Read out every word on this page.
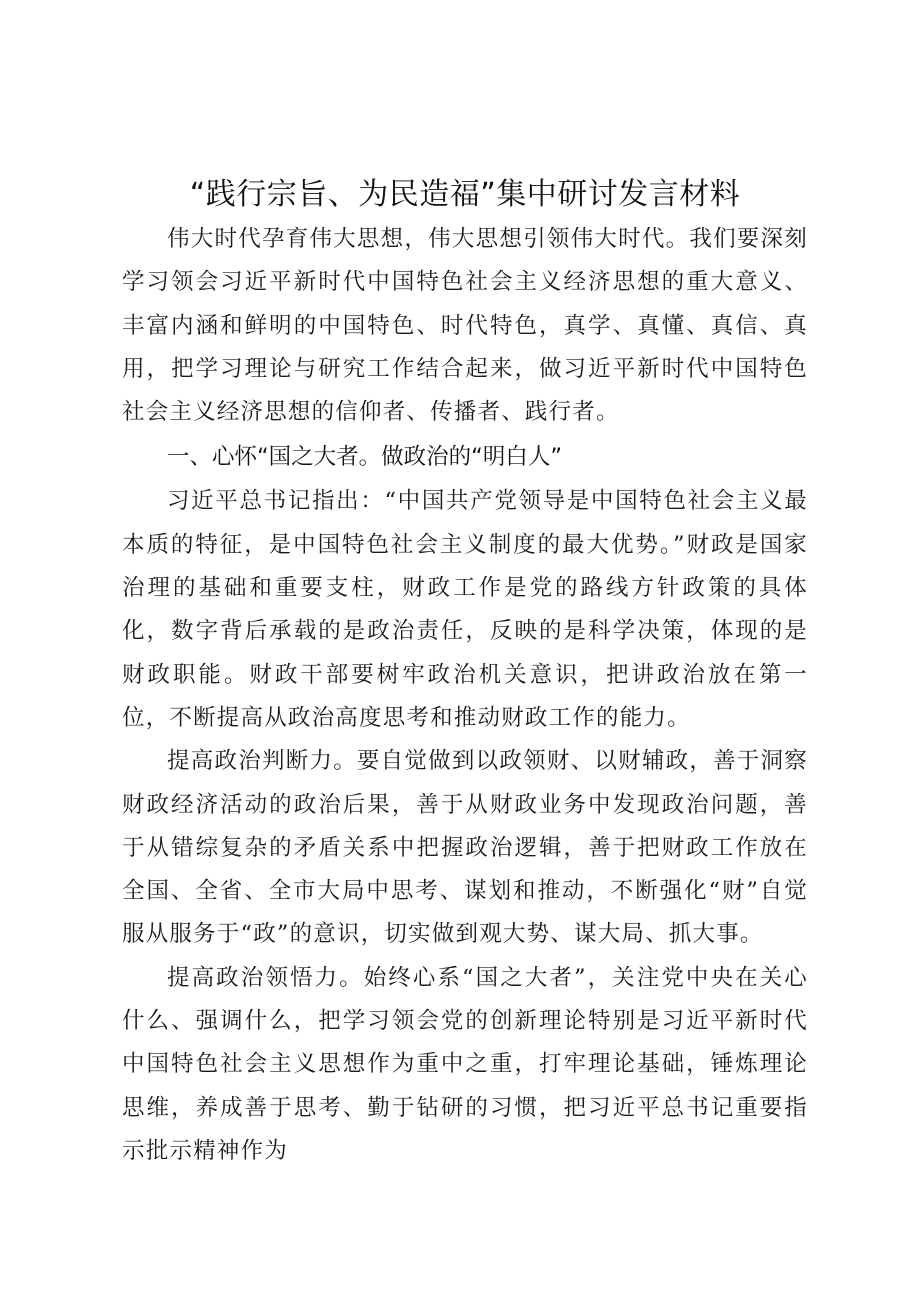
“践行宗旨、为民造福”集中研讨发言材料

伟大时代孕育伟大思想，伟大思想引领伟大时代。我们要深刻学习领会习近平新时代中国特色社会主义经济思想的重大意义、丰富内涵和鲜明的中国特色、时代特色，真学、真懂、真信、真用，把学习理论与研究工作结合起来，做习近平新时代中国特色社会主义经济思想的信仰者、传播者、践行者。

一、心怀“国之大者。做政治的“明白人”

习近平总书记指出：“中国共产党领导是中国特色社会主义最本质的特征，是中国特色社会主义制度的最大优势。”财政是国家治理的基础和重要支柱，财政工作是党的路线方针政策的具体化，数字背后承载的是政治责任，反映的是科学决策，体现的是财政职能。财政干部要树牢政治机关意识，把讲政治放在第一位，不断提高从政治高度思考和推动财政工作的能力。

提高政治判断力。要自觉做到以政领财、以财辅政，善于洞察财政经济活动的政治后果，善于从财政业务中发现政治问题，善于从错综复杂的矛盾关系中把握政治逻辑，善于把财政工作放在全国、全省、全市大局中思考、谋划和推动，不断强化“财”自觉服从服务于“政”的意识，切实做到观大势、谋大局、抓大事。

提高政治领悟力。始终心系“国之大者”，关注党中央在关心什么、强调什么，把学习领会党的创新理论特别是习近平新时代中国特色社会主义思想作为重中之重，打牢理论基础，锤炼理论思维，养成善于思考、勤于钻研的习惯，把习近平总书记重要指示批示精神作为
